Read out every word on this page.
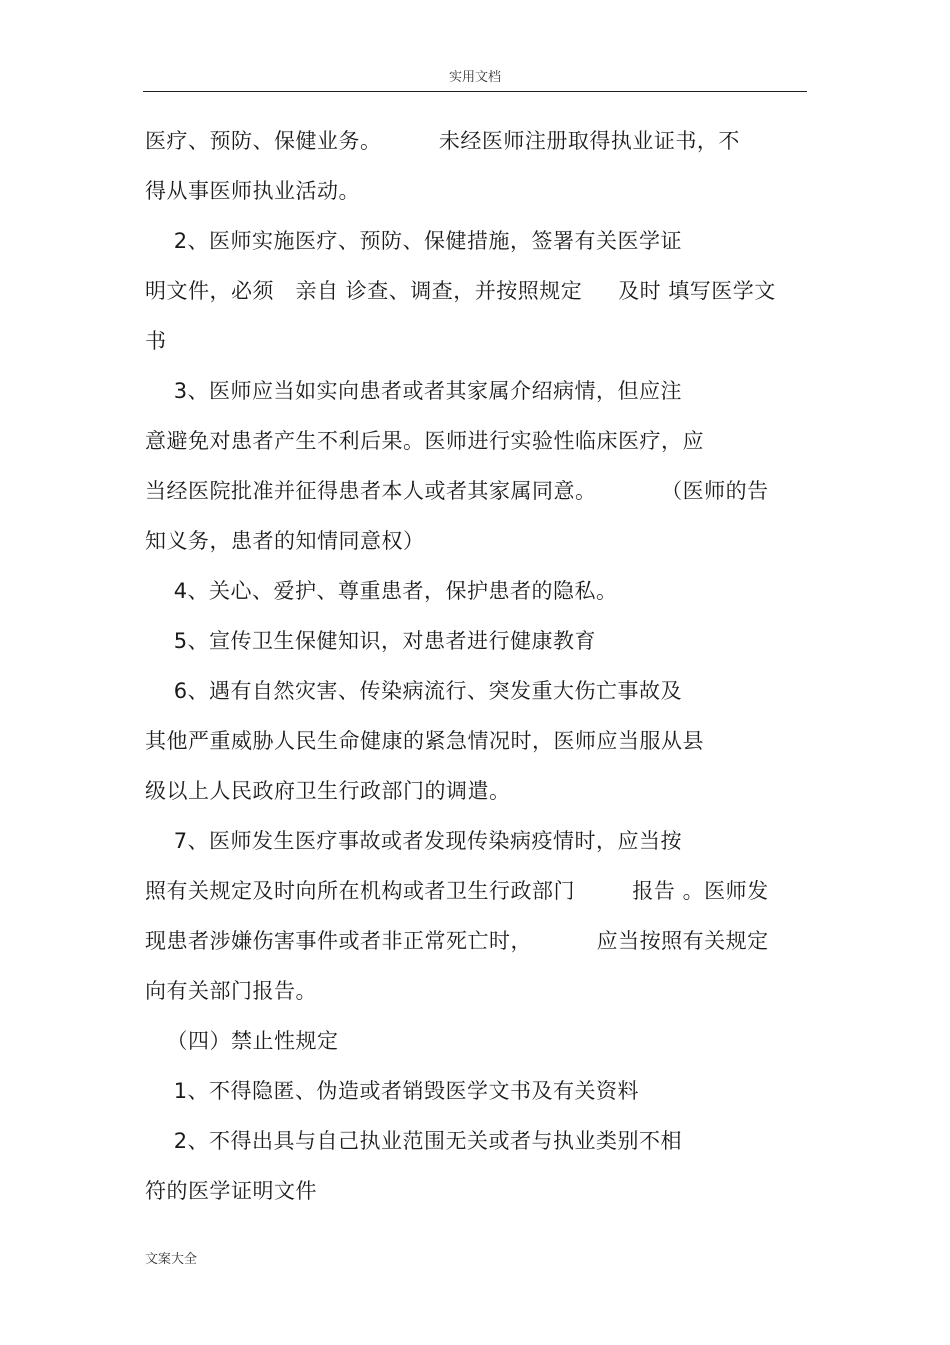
实用文档
医疗、预防、保健业务。        未经医师注册取得执业证书，不
得从事医师执业活动。
2、医师实施医疗、预防、保健措施，签署有关医学证
明文件，必须   亲自 诊查、调查，并按照规定     及时 填写医学文
书
3、医师应当如实向患者或者其家属介绍病情，但应注
意避免对患者产生不利后果。医师进行实验性临床医疗，应
当经医院批准并征得患者本人或者其家属同意。         （医师的告
知义务，患者的知情同意权）
4、关心、爱护、尊重患者，保护患者的隐私。
5、宣传卫生保健知识，对患者进行健康教育
6、遇有自然灾害、传染病流行、突发重大伤亡事故及
其他严重威胁人民生命健康的紧急情况时，医师应当服从县
级以上人民政府卫生行政部门的调遣。
7、医师发生医疗事故或者发现传染病疫情时，应当按
照有关规定及时向所在机构或者卫生行政部门        报告 。医师发
现患者涉嫌伤害事件或者非正常死亡时，         应当按照有关规定
向有关部门报告。
（四）禁止性规定
1、不得隐匿、伪造或者销毁医学文书及有关资料
2、不得出具与自己执业范围无关或者与执业类别不相
符的医学证明文件
文案大全
